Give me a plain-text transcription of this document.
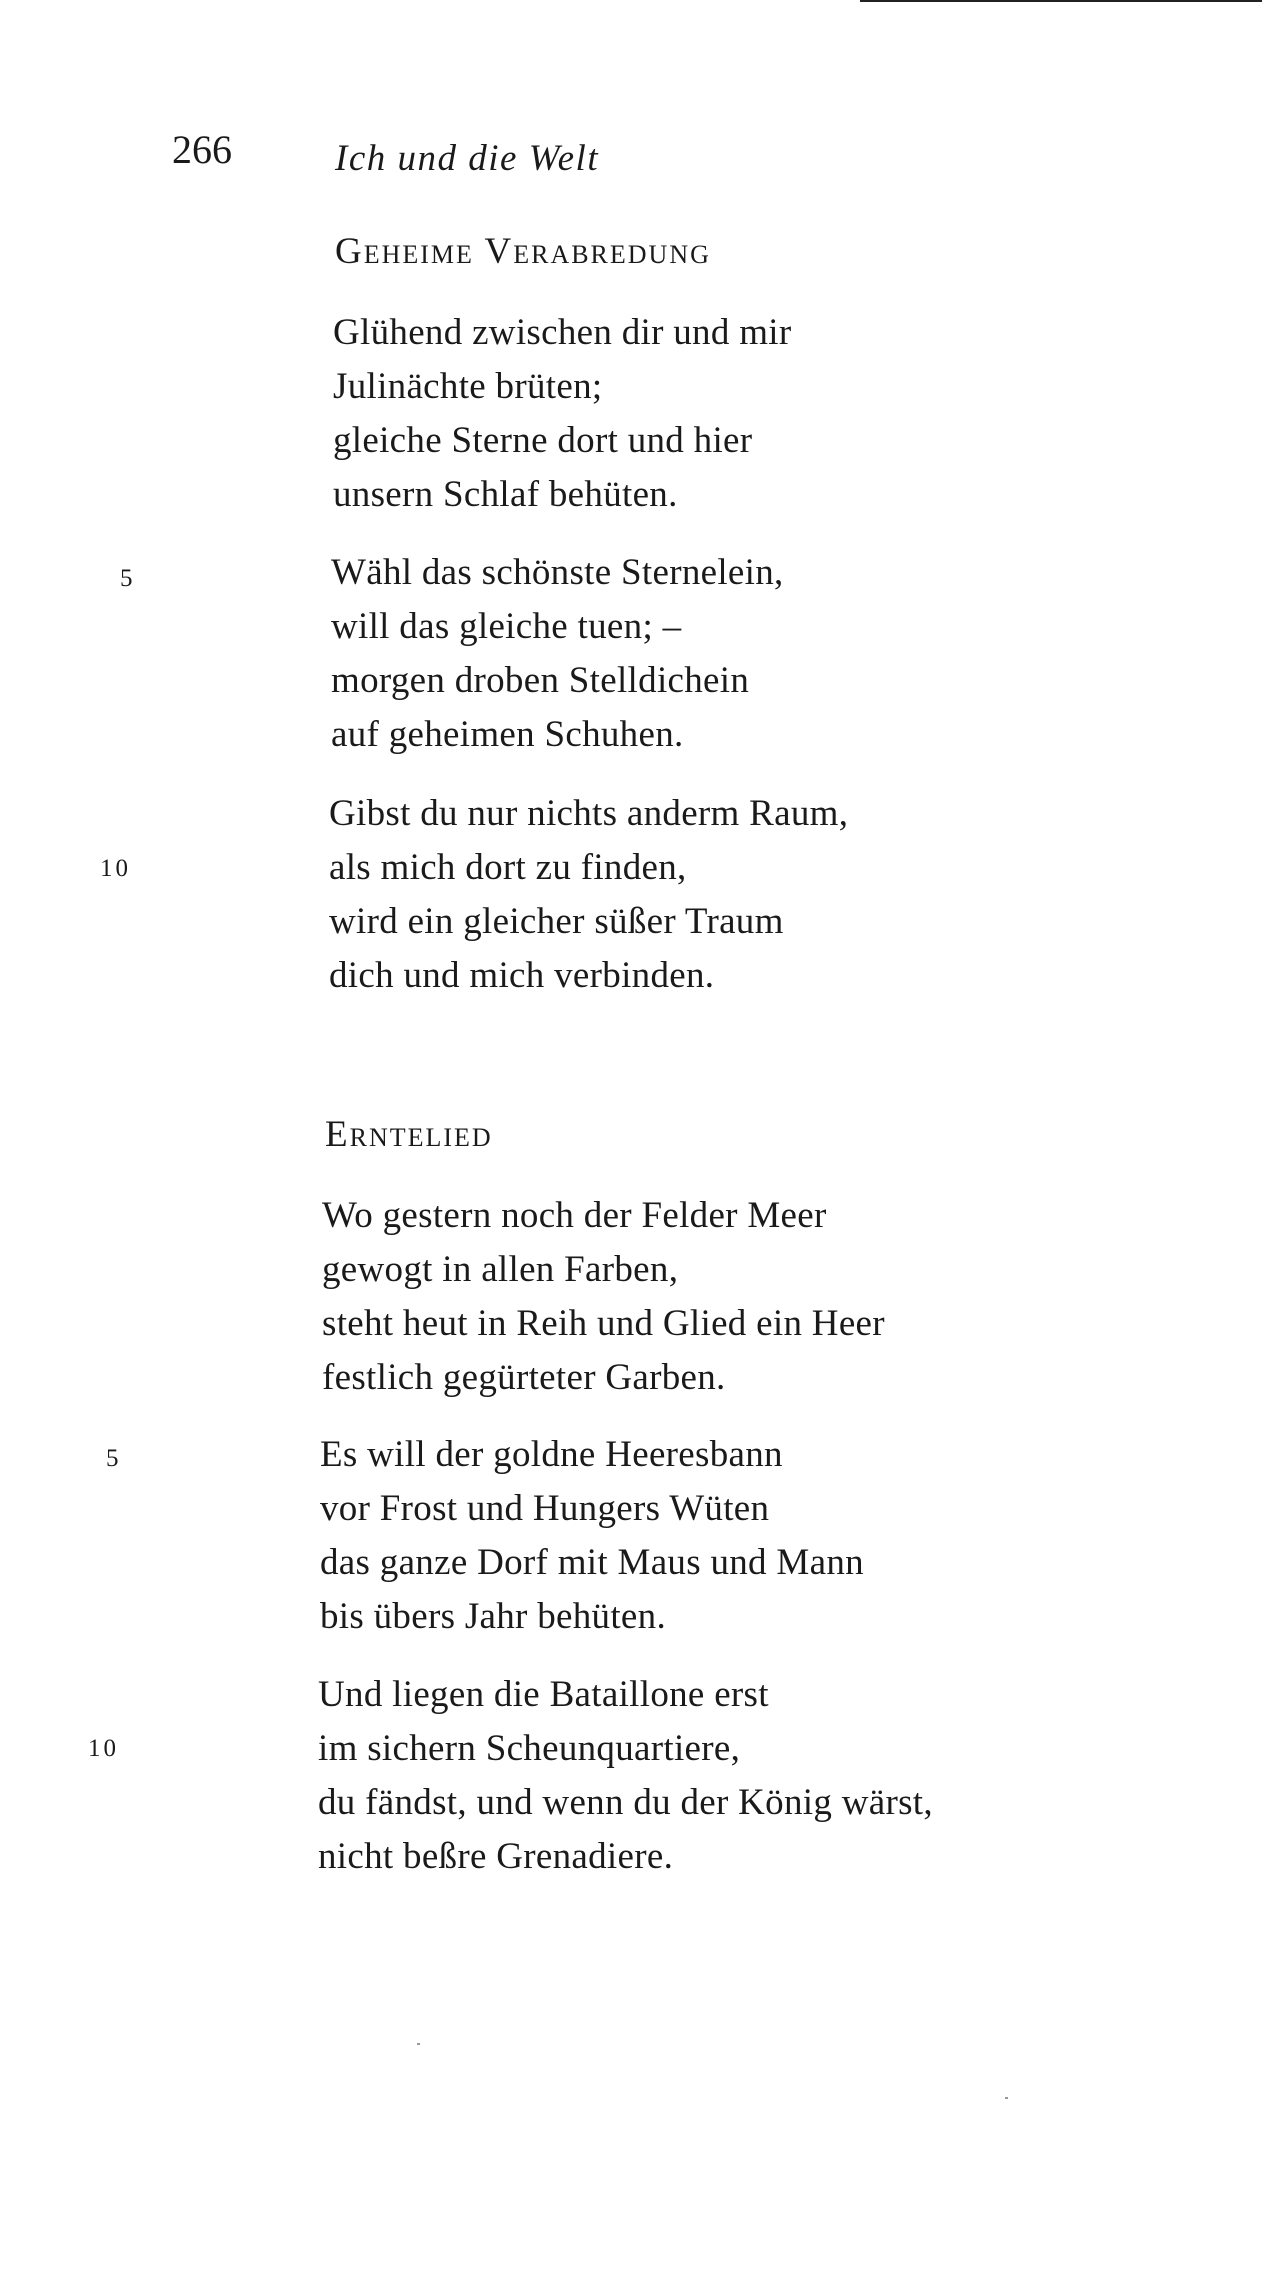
266	Ich und die Welt
Geheime Verabredung
Glühend zwischen dir und mir
Julinächte brüten;
gleiche Sterne dort und hier
unsern Schlaf behüten.
5	Wähl das schönste Sternelein,
will das gleiche tuen; –
morgen droben Stelldichein
auf geheimen Schuhen.
10
Gibst du nur nichts anderm Raum,
als mich dort zu finden,
wird ein gleicher süßer Traum
dich und mich verbinden.
Erntelied
Wo gestern noch der Felder Meer
gewogt in allen Farben,
steht heut in Reih und Glied ein Heer
festlich gegürteter Garben.
5	Es will der goldne Heeresbann
vor Frost und Hungers Wüten
das ganze Dorf mit Maus und Mann
bis übers Jahr behüten.
10
Und liegen die Bataillone erst
im sichern Scheunquartiere,
du fändst, und wenn du der König wärst,
nicht beßre Grenadiere.
